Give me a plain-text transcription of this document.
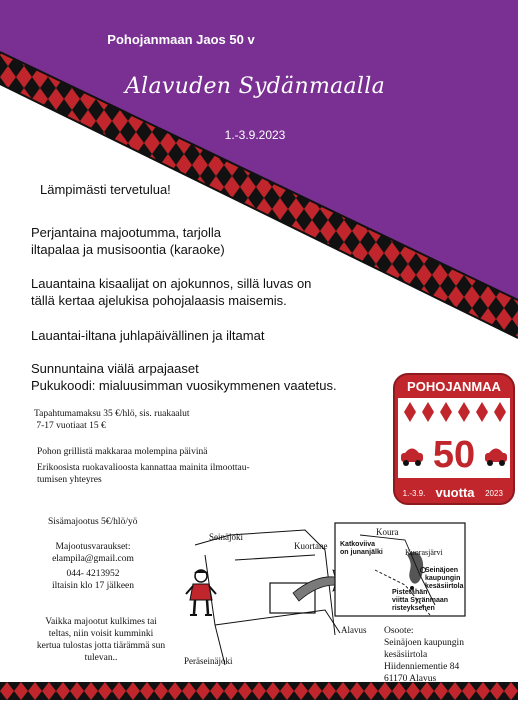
Pohojanmaan Jaos 50 v
Alavuden Sydänmaalla
1.-3.9.2023
Lämpimästi tervetulua!
Perjantaina majootumma, tarjolla
iltapalaa ja musisoontia (karaoke)
Lauantaina kisaalijat on ajokunnos, sillä luvas on
tällä kertaa ajelukisa pohojalaasis maisemis.
Lauantai-iltana juhlapäivällinen ja iltamat
Sunnuntaina viälä arpajaaset
Pukukoodi: mialuusimman vuosikymmenen vaatetus.
Tapahtumamaksu 35 €/hlö, sis. ruakaalut
7-17 vuotiaat 15 €
Pohon grillistä makkaraa molempina päivinä
Erikoosista ruokavalioosta kannattaa mainita ilmoottau-
tumisen yhteyres
Sisämajootus 5€/hlö/yö
Majootusvaraukset:
elampila@gmail.com
044- 4213952
iltaisin klo 17 jälkeen
Vaikka majootut kulkimes tai
teltas, niin voisit kumminki
kertua tulostas jotta tiärämmä sun
tulevan..
POHOJANMAA
50
1.-3.9. vuotta 2023
Seinäjoki
Kuortane
Peräseinäjoki
Alavus
Koura
Kuorasjärvi
Katkoviiva
on junanjälki
Seinäjoen
kaupungin
kesäsiirtola
Pistetähän
viitta Syränmaan
risteyksehen
Osoote:
Seinäjoen kaupungin
kesäsiirtola
Hiidenniementie 84
61170 Alavus
